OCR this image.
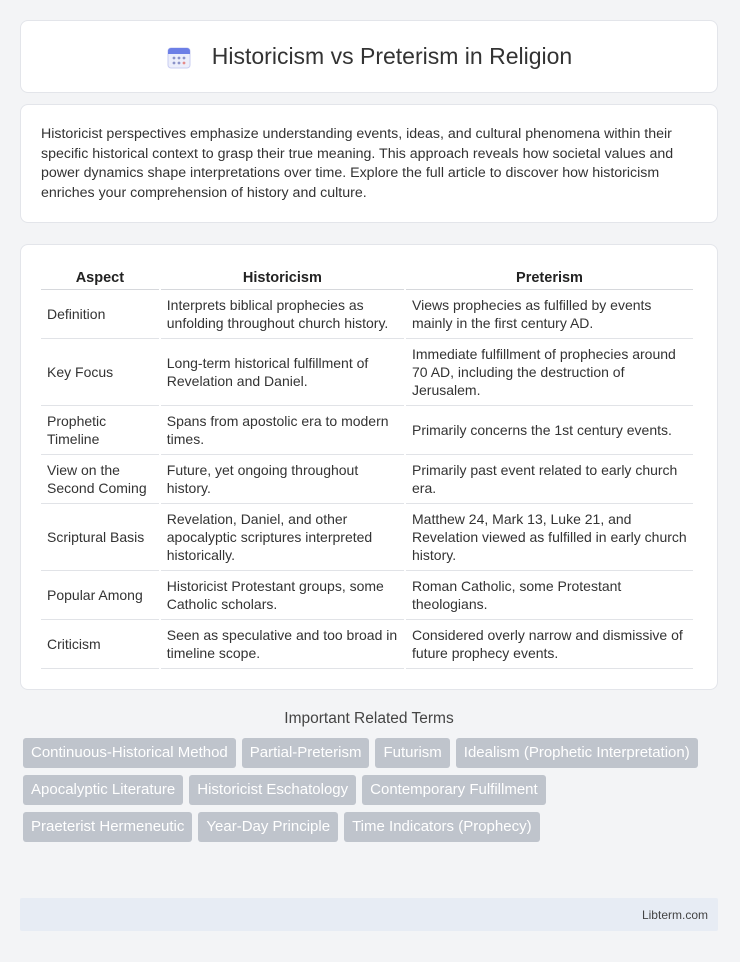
Historicism vs Preterism in Religion

Historicist perspectives emphasize understanding events, ideas, and cultural phenomena within their specific historical context to grasp their true meaning. This approach reveals how societal values and power dynamics shape interpretations over time. Explore the full article to discover how historicism enriches your comprehension of history and culture.

Aspect	Historicism	Preterism
Definition	Interprets biblical prophecies as unfolding throughout church history.	Views prophecies as fulfilled by events mainly in the first century AD.
Key Focus	Long-term historical fulfillment of Revelation and Daniel.	Immediate fulfillment of prophecies around 70 AD, including the destruction of Jerusalem.
Prophetic Timeline	Spans from apostolic era to modern times.	Primarily concerns the 1st century events.
View on the Second Coming	Future, yet ongoing throughout history.	Primarily past event related to early church era.
Scriptural Basis	Revelation, Daniel, and other apocalyptic scriptures interpreted historically.	Matthew 24, Mark 13, Luke 21, and Revelation viewed as fulfilled in early church history.
Popular Among	Historicist Protestant groups, some Catholic scholars.	Roman Catholic, some Protestant theologians.
Criticism	Seen as speculative and too broad in timeline scope.	Considered overly narrow and dismissive of future prophecy events.
Important Related Terms
Continuous-Historical Method	Partial-Preterism	Futurism	Idealism (Prophetic Interpretation)
Apocalyptic Literature	Historicist Eschatology	Contemporary Fulfillment
Praeterist Hermeneutic	Year-Day Principle	Time Indicators (Prophecy)
Libterm.com
